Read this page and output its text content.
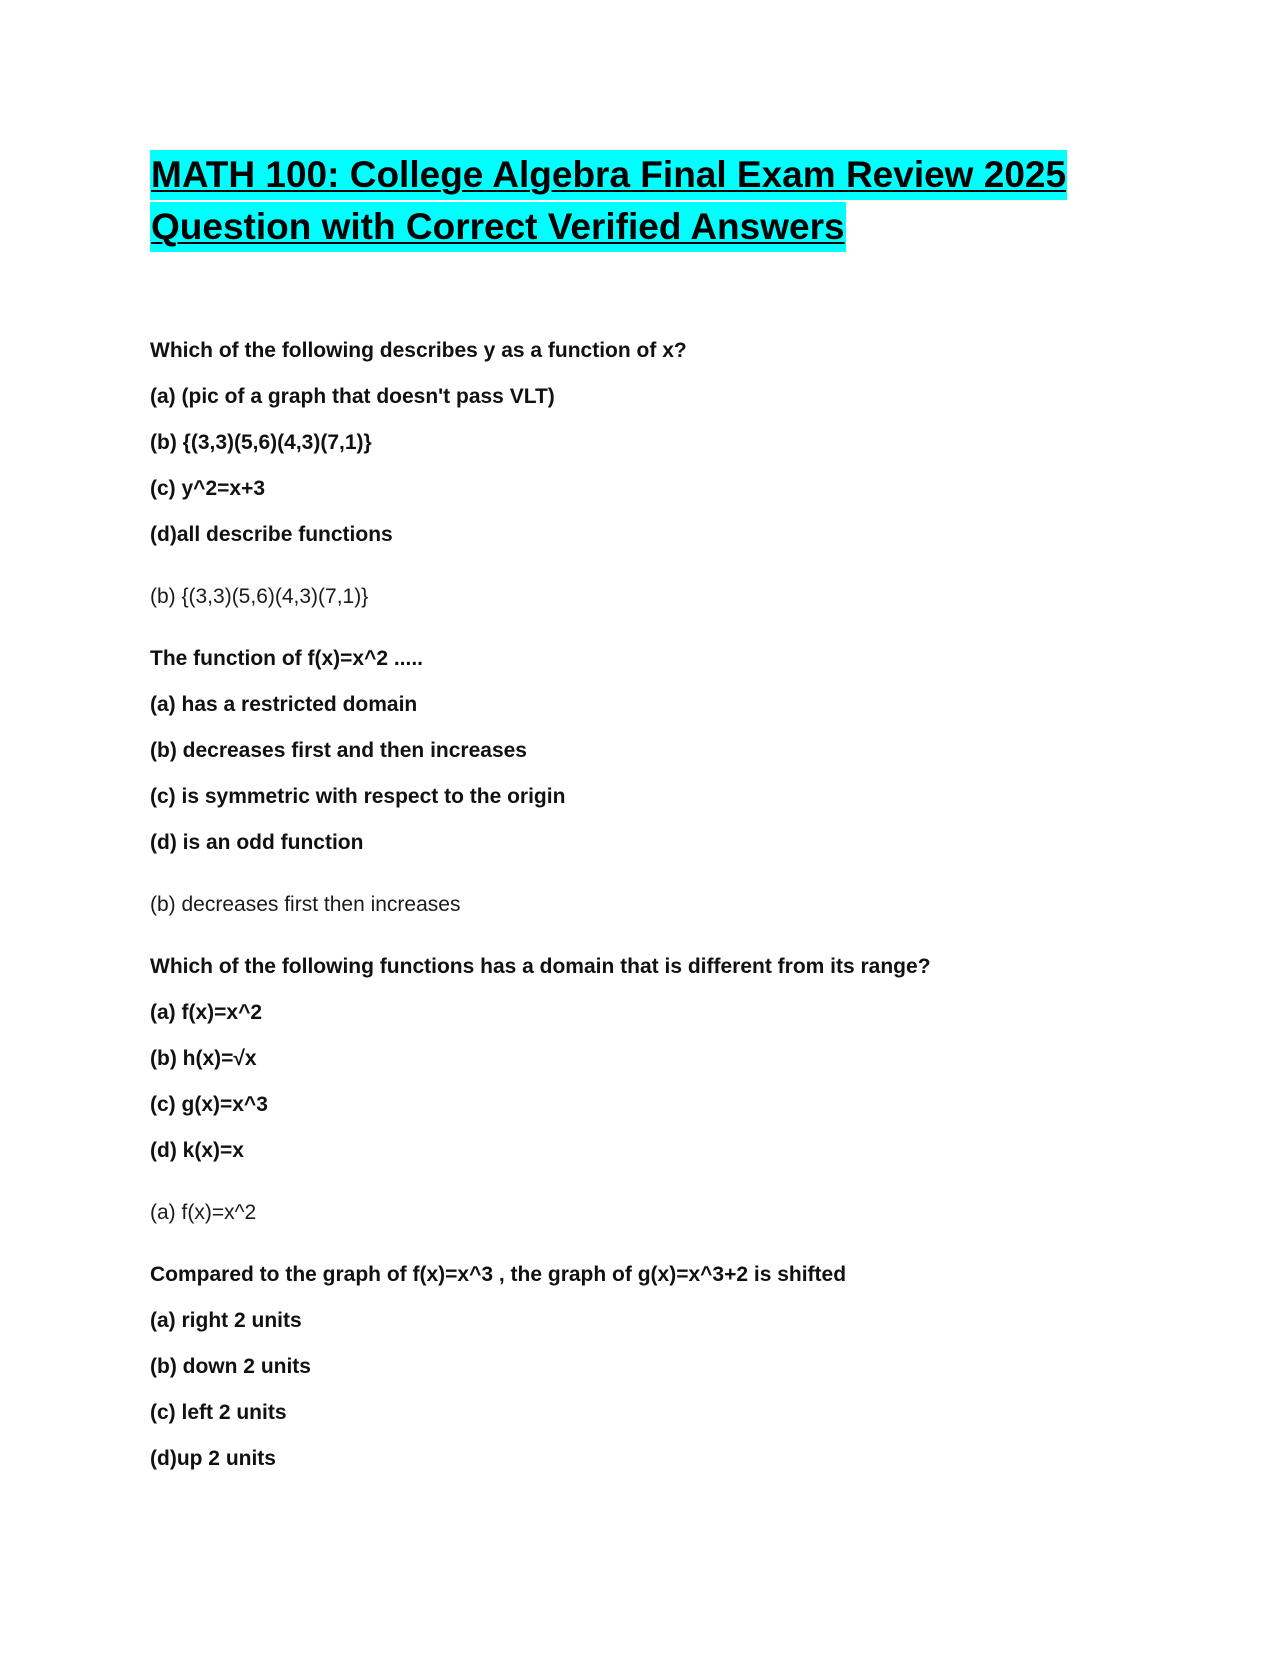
MATH 100: College Algebra Final Exam Review 2025
Question with Correct Verified Answers
Which of the following describes y as a function of x?
(a) (pic of a graph that doesn't pass VLT)
(b) {(3,3)(5,6)(4,3)(7,1)}
(c) y^2=x+3
(d)all describe functions
(b) {(3,3)(5,6)(4,3)(7,1)}
The function of f(x)=x^2 .....
(a) has a restricted domain
(b) decreases first and then increases
(c) is symmetric with respect to the origin
(d) is an odd function
(b) decreases first then increases
Which of the following functions has a domain that is different from its range?
(a) f(x)=x^2
(b) h(x)=√x
(c) g(x)=x^3
(d) k(x)=x
(a) f(x)=x^2
Compared to the graph of f(x)=x^3 , the graph of g(x)=x^3+2 is shifted
(a) right 2 units
(b) down 2 units
(c) left 2 units
(d)up 2 units
